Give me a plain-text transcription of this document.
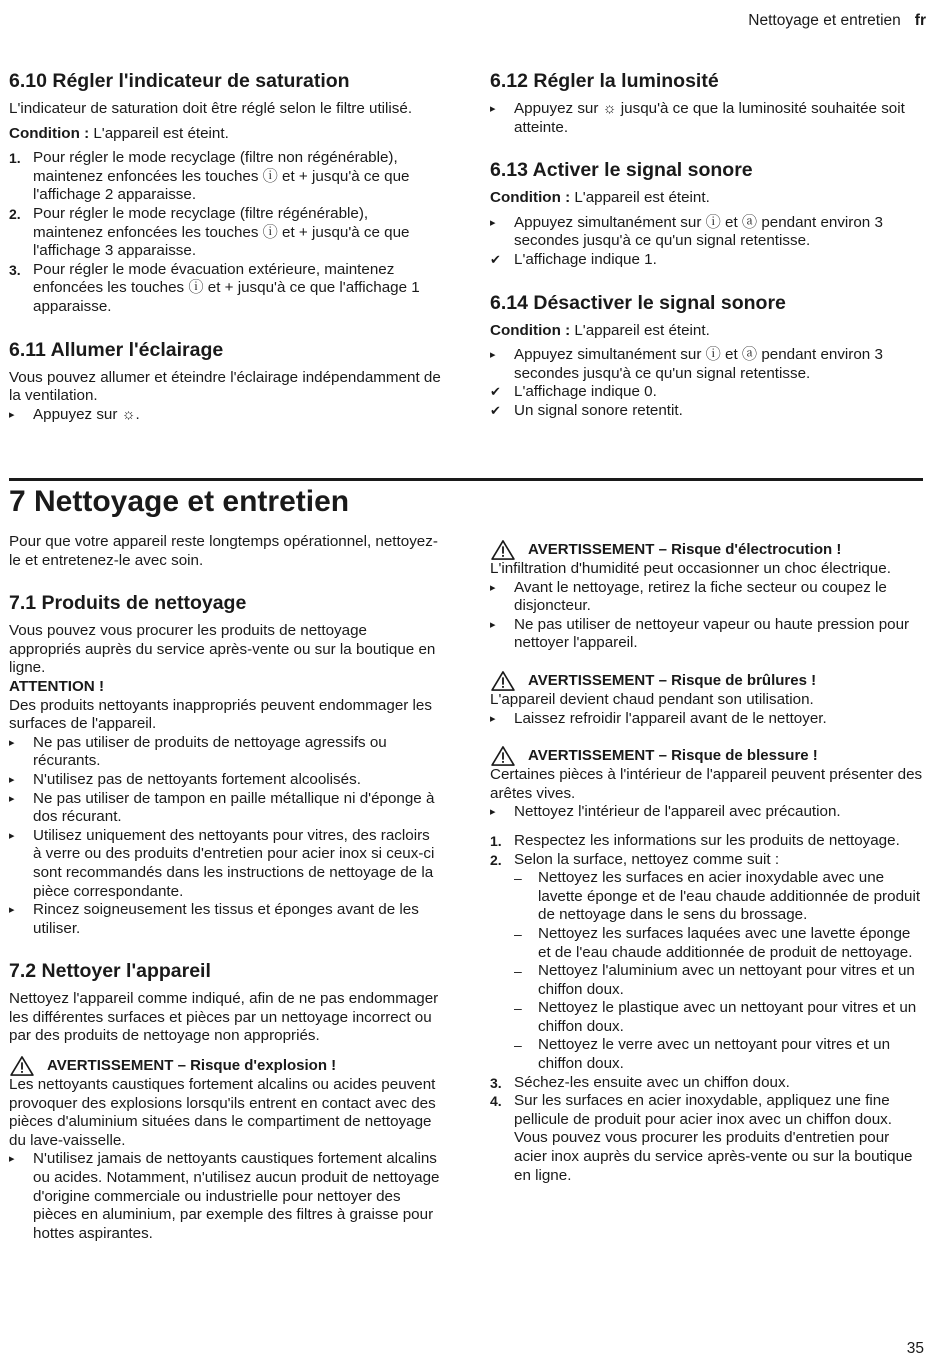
Nettoyage et entretien fr
6.10 Régler l'indicateur de saturation

L'indicateur de saturation doit être réglé selon le filtre utilisé.

Condition : L'appareil est éteint.

1. Pour régler le mode recyclage (filtre non régénérable), maintenez enfoncées les touches ⓘ et + jusqu'à ce que l'affichage 2 apparaisse.
2. Pour régler le mode recyclage (filtre régénérable), maintenez enfoncées les touches ⓘ et + jusqu'à ce que l'affichage 3 apparaisse.
3. Pour régler le mode évacuation extérieure, maintenez enfoncées les touches ⓘ et + jusqu'à ce que l'affichage 1 apparaisse.
6.11 Allumer l'éclairage

Vous pouvez allumer et éteindre l'éclairage indépendamment de la ventilation.

▸ Appuyez sur ☼.
6.12 Régler la luminosité
▸ Appuyez sur ☼ jusqu'à ce que la luminosité souhaitée soit atteinte.
6.13 Activer le signal sonore

Condition : L'appareil est éteint.

▸ Appuyez simultanément sur ⓘ et ⓐ pendant environ 3 secondes jusqu'à ce qu'un signal retentisse.
✔ L'affichage indique 1.
6.14 Désactiver le signal sonore

Condition : L'appareil est éteint.

▸ Appuyez simultanément sur ⓘ et ⓐ pendant environ 3 secondes jusqu'à ce qu'un signal retentisse.
✔ L'affichage indique 0.
✔ Un signal sonore retentit.
7 Nettoyage et entretien

Pour que votre appareil reste longtemps opérationnel, nettoyez-le et entretenez-le avec soin.

7.1 Produits de nettoyage

Vous pouvez vous procurer les produits de nettoyage appropriés auprès du service après-vente ou sur la boutique en ligne.

ATTENTION !

Des produits nettoyants inappropriés peuvent endommager les surfaces de l'appareil.

▸ Ne pas utiliser de produits de nettoyage agressifs ou récurants.
▸ N'utilisez pas de nettoyants fortement alcoolisés.
▸ Ne pas utiliser de tampon en paille métallique ni d'éponge à dos récurant.
▸ Utilisez uniquement des nettoyants pour vitres, des racloirs à verre ou des produits d'entretien pour acier inox si ceux-ci sont recommandés dans les instructions de nettoyage de la pièce correspondante.
▸ Rincez soigneusement les tissus et éponges avant de les utiliser.
7.2 Nettoyer l'appareil

Nettoyez l'appareil comme indiqué, afin de ne pas endommager les différentes surfaces et pièces par un nettoyage incorrect ou par des produits de nettoyage non appropriés.

AVERTISSEMENT – Risque d'explosion !

Les nettoyants caustiques fortement alcalins ou acides peuvent provoquer des explosions lorsqu'ils entrent en contact avec des pièces d'aluminium situées dans le compartiment de nettoyage du lave-vaisselle.

▸ N'utilisez jamais de nettoyants caustiques fortement alcalins ou acides. Notamment, n'utilisez aucun produit de nettoyage d'origine commerciale ou industrielle pour nettoyer des pièces en aluminium, par exemple des filtres à graisse pour hottes aspirantes.
AVERTISSEMENT – Risque d'électrocution !

L'infiltration d'humidité peut occasionner un choc électrique.

▸ Avant le nettoyage, retirez la fiche secteur ou coupez le disjoncteur.
▸ Ne pas utiliser de nettoyeur vapeur ou haute pression pour nettoyer l'appareil.
AVERTISSEMENT – Risque de brûlures !

L'appareil devient chaud pendant son utilisation.

▸ Laissez refroidir l'appareil avant de le nettoyer.
AVERTISSEMENT – Risque de blessure !

Certaines pièces à l'intérieur de l'appareil peuvent présenter des arêtes vives.

▸ Nettoyez l'intérieur de l'appareil avec précaution.
1. Respectez les informations sur les produits de nettoyage.
2. Selon la surface, nettoyez comme suit :
– Nettoyez les surfaces en acier inoxydable avec une lavette éponge et de l'eau chaude additionnée de produit de nettoyage dans le sens du brossage.
– Nettoyez les surfaces laquées avec une lavette éponge et de l'eau chaude additionnée de produit de nettoyage.
– Nettoyez l'aluminium avec un nettoyant pour vitres et un chiffon doux.
– Nettoyez le plastique avec un nettoyant pour vitres et un chiffon doux.
– Nettoyez le verre avec un nettoyant pour vitres et un chiffon doux.
3. Séchez-les ensuite avec un chiffon doux.
4. Sur les surfaces en acier inoxydable, appliquez une fine pellicule de produit pour acier inox avec un chiffon doux.
Vous pouvez vous procurer les produits d'entretien pour acier inox auprès du service après-vente ou sur la boutique en ligne.
35
